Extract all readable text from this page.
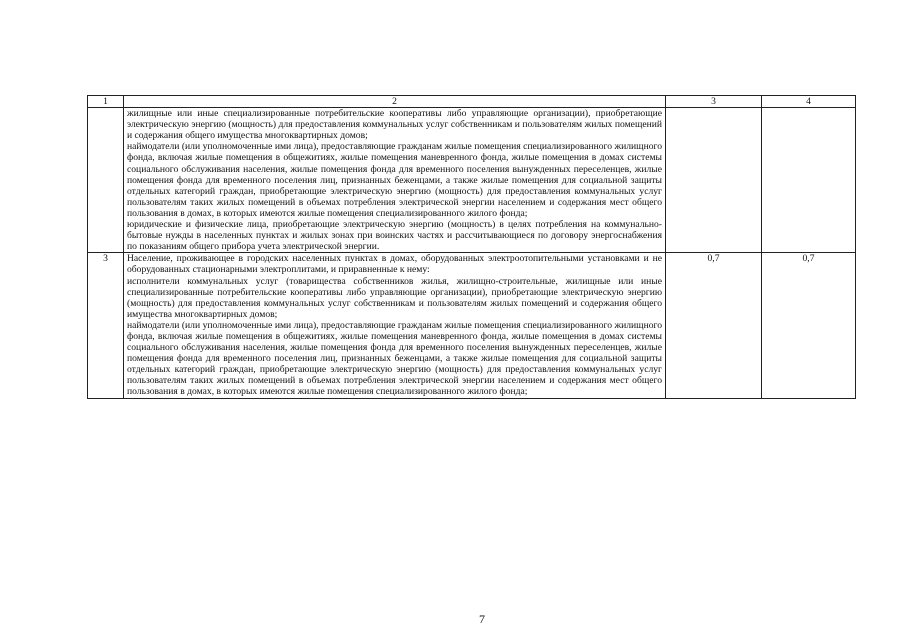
1	2	3	4

	жилищные или иные специализированные потребительские кооперативы либо управляющие организации), приобретающие электрическую энергию (мощность) для предоставления коммунальных услуг собственникам и пользователям жилых помещений и содержания общего имущества многоквартирных домов;
наймодатели (или уполномоченные ими лица), предоставляющие гражданам жилые помещения специализированного жилищного фонда, включая жилые помещения в общежитиях, жилые помещения маневренного фонда, жилые помещения в домах системы социального обслуживания населения, жилые помещения фонда для временного поселения вынужденных переселенцев, жилые помещения фонда для временного поселения лиц, признанных беженцами, а также жилые помещения для социальной защиты отдельных категорий граждан, приобретающие электрическую энергию (мощность) для предоставления коммунальных услуг пользователям таких жилых помещений в объемах потребления электрической энергии населением и содержания мест общего пользования в домах, в которых имеются жилые помещения специализированного жилого фонда;
юридические и физические лица, приобретающие электрическую энергию (мощность) в целях потребления на коммунально-бытовые нужды в населенных пунктах и жилых зонах при воинских частях и рассчитывающиеся по договору энергоснабжения по показаниям общего прибора учета электрической энергии.		

3	Население, проживающее в городских населенных пунктах в домах, оборудованных электроотопительными установками и не оборудованных стационарными электроплитами, и приравненные к нему:
исполнители коммунальных услуг (товарищества собственников жилья, жилищно-строительные, жилищные или иные специализированные потребительские кооперативы либо управляющие организации), приобретающие электрическую энергию (мощность) для предоставления коммунальных услуг собственникам и пользователям жилых помещений и содержания общего имущества многоквартирных домов;
наймодатели (или уполномоченные ими лица), предоставляющие гражданам жилые помещения специализированного жилищного фонда, включая жилые помещения в общежитиях, жилые помещения маневренного фонда, жилые помещения в домах системы социального обслуживания населения, жилые помещения фонда для временного поселения вынужденных переселенцев, жилые помещения фонда для временного поселения лиц, признанных беженцами, а также жилые помещения для социальной защиты отдельных категорий граждан, приобретающие электрическую энергию (мощность) для предоставления коммунальных услуг пользователям таких жилых помещений в объемах потребления электрической энергии населением и содержания мест общего пользования в домах, в которых имеются жилые помещения специализированного жилого фонда;	0,7	0,7
7
